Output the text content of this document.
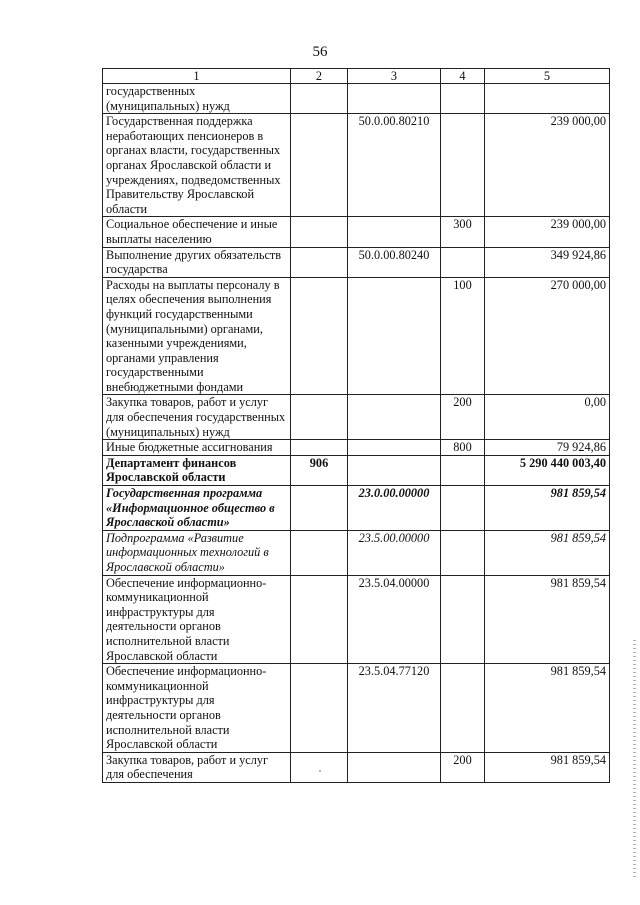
56
1	2	3	4	5
государственных (муниципальных) нужд				
Государственная поддержка неработающих пенсионеров в органах власти, государственных органах Ярославской области и учреждениях, подведомственных Правительству Ярославской области		50.0.00.80210		239 000,00
Социальное обеспечение и иные выплаты населению			300	239 000,00
Выполнение других обязательств государства		50.0.00.80240		349 924,86
Расходы на выплаты персоналу в целях обеспечения выполнения функций государственными (муниципальными) органами, казенными учреждениями, органами управления государственными внебюджетными фондами			100	270 000,00
Закупка товаров, работ и услуг для обеспечения государственных (муниципальных) нужд			200	0,00
Иные бюджетные ассигнования			800	79 924,86
Департамент финансов Ярославской области	906			5 290 440 003,40
Государственная программа «Информационное общество в Ярославской области»		23.0.00.00000		981 859,54
Подпрограмма «Развитие информационных технологий в Ярославской области»		23.5.00.00000		981 859,54
Обеспечение информационно-коммуникационной инфраструктуры для деятельности органов исполнительной власти Ярославской области		23.5.04.00000		981 859,54
Обеспечение информационно-коммуникационной инфраструктуры для деятельности органов исполнительной власти Ярославской области		23.5.04.77120		981 859,54
Закупка товаров, работ и услуг для обеспечения			200	981 859,54
